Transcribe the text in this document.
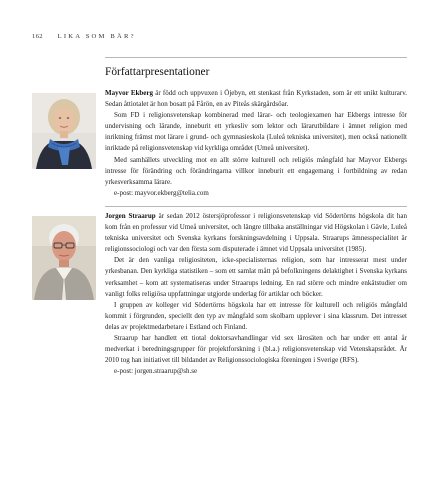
162 LIKA SOM BÄR?
Författarpresentationer

Mayvor Ekberg är född och uppvuxen i Öjebyn, ett stenkast från Kyrkstaden, som är ett unikt kulturarv. Sedan åttiotalet är hon bosatt på Fårön, en av Piteås skärgårdsöar.

Som FD i religionsvetenskap kombinerad med lärar- och teologiexamen har Ekbergs intresse för undervisning och lärande, inneburit ett yrkesliv som lektor och lärarutbildare i ämnet religion med inriktning främst mot lärare i grund- och gymnasieskola (Luleå tekniska universitet), men också nationellt inriktade på religionsvetenskap vid kyrkliga området (Umeå universitet).

Med samhällets utveckling mot en allt större kulturell och religiös mångfald har Mayvor Ekbergs intresse för förändring och förändringarna villkor inneburit ett engagemang i fortbildning av redan yrkesverksamma lärare.

e-post: mayvor.ekberg@telia.com

Jorgen Straarup är sedan 2012 östersjöprofessor i religionsvetenskap vid Södertörns högskola dit han kom från en professur vid Umeå universitet, och längre tillbaka anställningar vid Högskolan i Gävle, Luleå tekniska universitet och Svenska kyrkans forskningsavdelning i Uppsala. Straarups ämnesspecialitet är religionssociologi och var den första som disputerade i ämnet vid Uppsala universitet (1985).

Det är den vanliga religiositeten, icke-specialisternas religion, som har intresserat mest under yrkesbanan. Den kyrkliga statistiken – som ett samlat mått på befolkningens delaktighet i Svenska kyrkans verksamhet – kom att systematiseras under Straarups ledning. En rad större och mindre enkätstudier om vanligt folks religiösa uppfattningar utgjorde underlag för artiklar och böcker.

I gruppen av kolleger vid Södertörns högskola har ett intresse för kulturell och religiös mångfald kommit i förgrunden, speciellt den typ av mångfald som skolbarn upplever i sina klassrum. Det intresset delas av projektmedarbetare i Estland och Finland.

Straarup har handlett ett tiotal doktorsavhandlingar vid sex lärosäten och har under ett antal år medverkat i beredningsgrupper för projektforskning i (bl.a.) religionsvetenskap vid Vetenskapsrådet. År 2010 tog han initiativet till bildandet av Religionssociologiska föreningen i Sverige (RFS).

e-post: jorgen.straarup@sh.se
